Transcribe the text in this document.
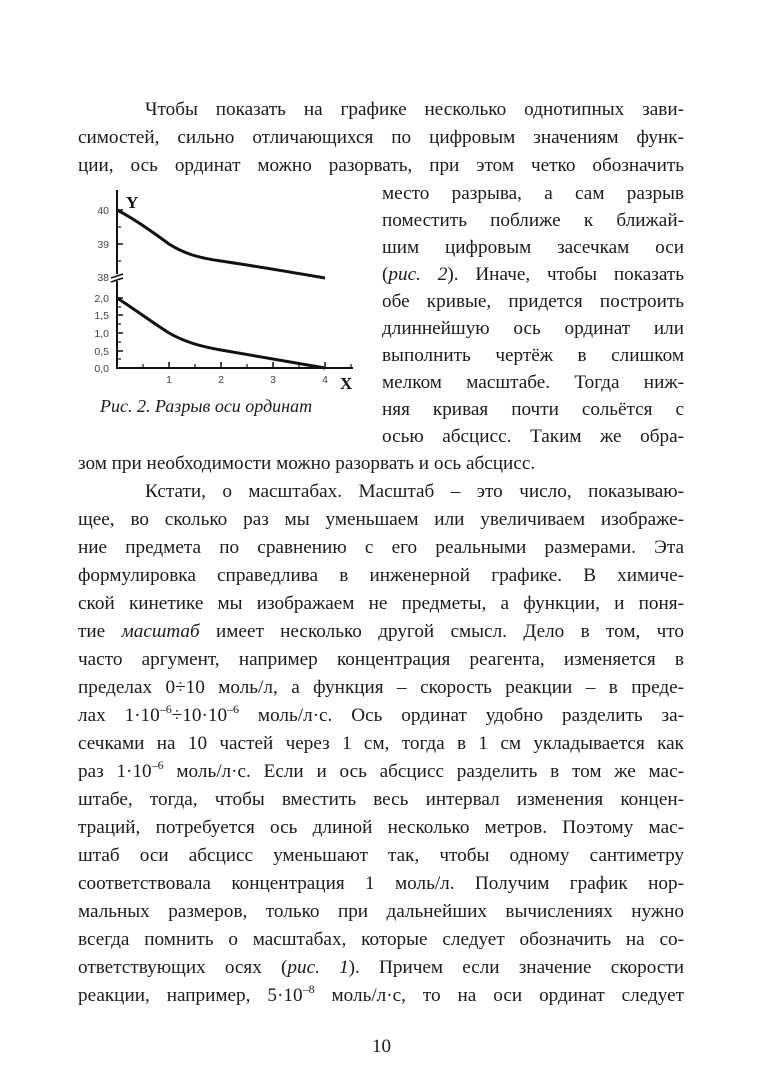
Чтобы показать на графике несколько однотипных зави-
симостей, сильно отличающихся по цифровым значениям функ-
ции, ось ординат можно разорвать, при этом четко обозначить
место разрыва, а сам разрыв
поместить поближе к ближай-
шим цифровым засечкам оси
(рис. 2). Иначе, чтобы показать
обе кривые, придется построить
длиннейшую ось ординат или
выполнить чертёж в слишком
мелком масштабе. Тогда ниж-
няя кривая почти сольётся с
осью абсцисс. Таким же обра-
зом при необходимости можно разорвать и ось абсцисс.
40
39
38
2,0
1,5
1,0
0,5
0,0
1	2	3	4
Y
X
Рис. 2. Разрыв оси ординат
Кстати, о масштабах. Масштаб – это число, показываю-
щее, во сколько раз мы уменьшаем или увеличиваем изображе-
ние предмета по сравнению с его реальными размерами. Эта
формулировка справедлива в инженерной графике. В химиче-
ской кинетике мы изображаем не предметы, а функции, и поня-
тие масштаб имеет несколько другой смысл. Дело в том, что
часто аргумент, например концентрация реагента, изменяется в
пределах 0÷10 моль/л, а функция – скорость реакции – в преде-
лах $1\cdot 10^{-6}\div 10\cdot 10^{-6}$ моль/л·с. Ось ординат удобно разделить за-
сечками на 10 частей через 1 см, тогда в 1 см укладывается как
раз $1\cdot 10^{-6}$ моль/л·с. Если и ось абсцисс разделить в том же мас-
штабе, тогда, чтобы вместить весь интервал изменения концен-
траций, потребуется ось длиной несколько метров. Поэтому мас-
штаб оси абсцисс уменьшают так, чтобы одному сантиметру
соответствовала концентрация 1 моль/л. Получим график нор-
мальных размеров, только при дальнейших вычислениях нужно
всегда помнить о масштабах, которые следует обозначить на со-
ответствующих осях (рис. 1). Причем если значение скорости
реакции, например, $5\cdot 10^{-8}$ моль/л·с, то на оси ординат следует
10
